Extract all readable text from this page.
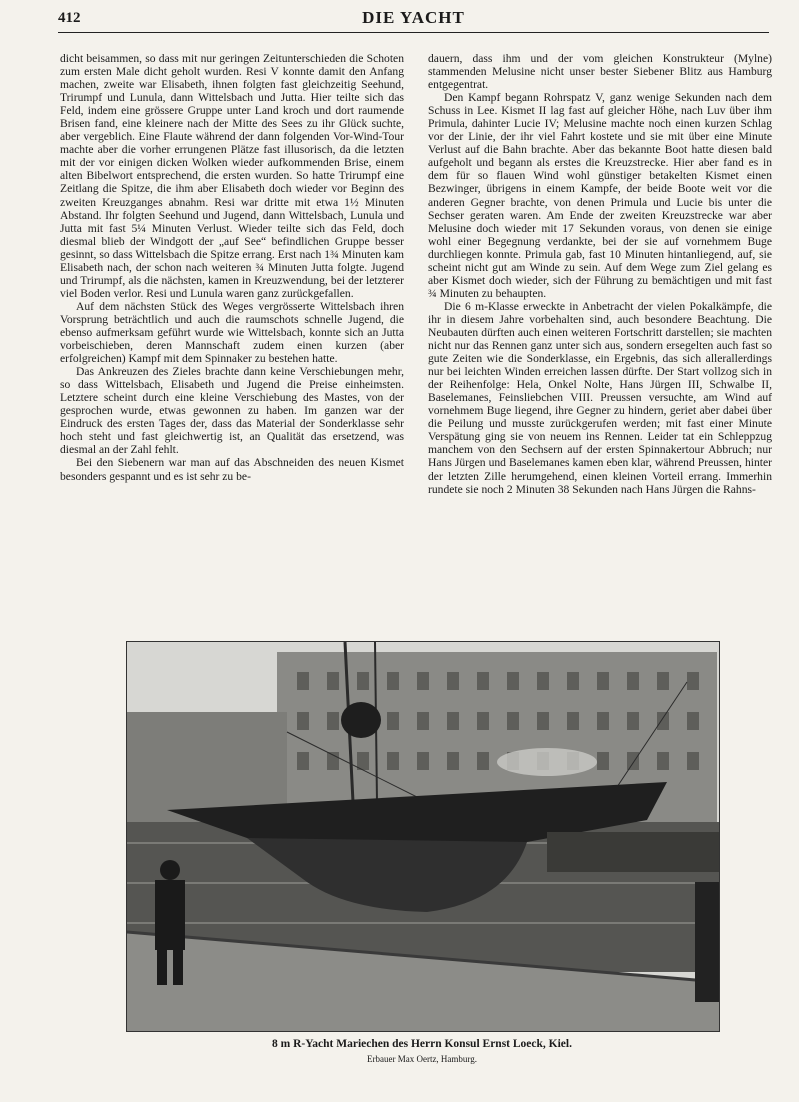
412	DIE YACHT

dicht beisammen, so dass mit nur geringen Zeitunterschieden die Schoten zum ersten Male dicht geholt wurden. Resi V konnte damit den Anfang machen, zweite war Elisabeth, ihnen folgten fast gleichzeitig Seehund, Trirumpf und Lunula, dann Wittelsbach und Jutta. Hier teilte sich das Feld, indem eine grössere Gruppe unter Land kroch und dort raumende Brisen fand, eine kleinere nach der Mitte des Sees zu ihr Glück suchte, aber vergeblich. Eine Flaute während der dann folgenden Vor-Wind-Tour machte aber die vorher errungenen Plätze fast illusorisch, da die letzten mit der vor einigen dicken Wolken wieder aufkommenden Brise, einem alten Bibelwort entsprechend, die ersten wurden. So hatte Trirumpf eine Zeitlang die Spitze, die ihm aber Elisabeth doch wieder vor Beginn des zweiten Kreuzganges abnahm. Resi war dritte mit etwa 1½ Minuten Abstand. Ihr folgten Seehund und Jugend, dann Wittelsbach, Lunula und Jutta mit fast 5¼ Minuten Verlust. Wieder teilte sich das Feld, doch diesmal blieb der Windgott der „auf See“ befindlichen Gruppe besser gesinnt, so dass Wittelsbach die Spitze errang. Erst nach 1¾ Minuten kam Elisabeth nach, der schon nach weiteren ¾ Minuten Jutta folgte. Jugend und Trirumpf, als die nächsten, kamen in Kreuzwendung, bei der letzterer viel Boden verlor. Resi und Lunula waren ganz zurückgefallen.

Auf dem nächsten Stück des Weges vergrösserte Wittelsbach ihren Vorsprung beträchtlich und auch die raumschots schnelle Jugend, die ebenso aufmerksam geführt wurde wie Wittelsbach, konnte sich an Jutta vorbeischieben, deren Mannschaft zudem einen kurzen (aber erfolgreichen) Kampf mit dem Spinnaker zu bestehen hatte.

Das Ankreuzen des Zieles brachte dann keine Verschiebungen mehr, so dass Wittelsbach, Elisabeth und Jugend die Preise einheimsten. Letztere scheint durch eine kleine Verschiebung des Mastes, von der gesprochen wurde, etwas gewonnen zu haben. Im ganzen war der Eindruck des ersten Tages der, dass das Material der Sonderklasse sehr hoch steht und fast gleichwertig ist, an Qualität das ersetzend, was diesmal an der Zahl fehlt.

Bei den Siebenern war man auf das Abschneiden des neuen Kismet besonders gespannt und es ist sehr zu be-

dauern, dass ihm und der vom gleichen Konstrukteur (Mylne) stammenden Melusine nicht unser bester Siebener Blitz aus Hamburg entgegentrat.

Den Kampf begann Rohrspatz V, ganz wenige Sekunden nach dem Schuss in Lee. Kismet II lag fast auf gleicher Höhe, nach Luv über ihm Primula, dahinter Lucie IV; Melusine machte noch einen kurzen Schlag vor der Linie, der ihr viel Fahrt kostete und sie mit über eine Minute Verlust auf die Bahn brachte. Aber das bekannte Boot hatte diesen bald aufgeholt und begann als erstes die Kreuzstrecke. Hier aber fand es in dem für so flauen Wind wohl günstiger betakelten Kismet einen Bezwinger, übrigens in einem Kampfe, der beide Boote weit vor die anderen Gegner brachte, von denen Primula und Lucie bis unter die Sechser geraten waren. Am Ende der zweiten Kreuzstrecke war aber Melusine doch wieder mit 17 Sekunden voraus, von denen sie einige wohl einer Begegnung verdankte, bei der sie auf vornehmem Buge durchliegen konnte. Primula gab, fast 10 Minuten hintanliegend, auf, sie scheint nicht gut am Winde zu sein. Auf dem Wege zum Ziel gelang es aber Kismet doch wieder, sich der Führung zu bemächtigen und mit fast ¾ Minuten zu behaupten.

Die 6 m-Klasse erweckte in Anbetracht der vielen Pokalkämpfe, die ihr in diesem Jahre vorbehalten sind, auch besondere Beachtung. Die Neubauten dürften auch einen weiteren Fortschritt darstellen; sie machten nicht nur das Rennen ganz unter sich aus, sondern ersegelten auch fast so gute Zeiten wie die Sonderklasse, ein Ergebnis, das sich allerallerdings nur bei leichten Winden erreichen lassen dürfte. Der Start vollzog sich in der Reihenfolge: Hela, Onkel Nolte, Hans Jürgen III, Schwalbe II, Baselemanes, Feinsliebchen VIII. Preussen versuchte, am Wind auf vornehmem Buge liegend, ihre Gegner zu hindern, geriet aber dabei über die Peilung und musste zurückgerufen werden; mit fast einer Minute Verspätung ging sie von neuem ins Rennen. Leider tat ein Schleppzug manchem von den Sechsern auf der ersten Spinnakertour Abbruch; nur Hans Jürgen und Baselemanes kamen eben klar, während Preussen, hinter der letzten Zille herumgehend, einen kleinen Vorteil errang. Immerhin rundete sie noch 2 Minuten 38 Sekunden nach Hans Jürgen die Rahns-

8 m R-Yacht Mariechen des Herrn Konsul Ernst Loeck, Kiel.
Erbauer Max Oertz, Hamburg.
